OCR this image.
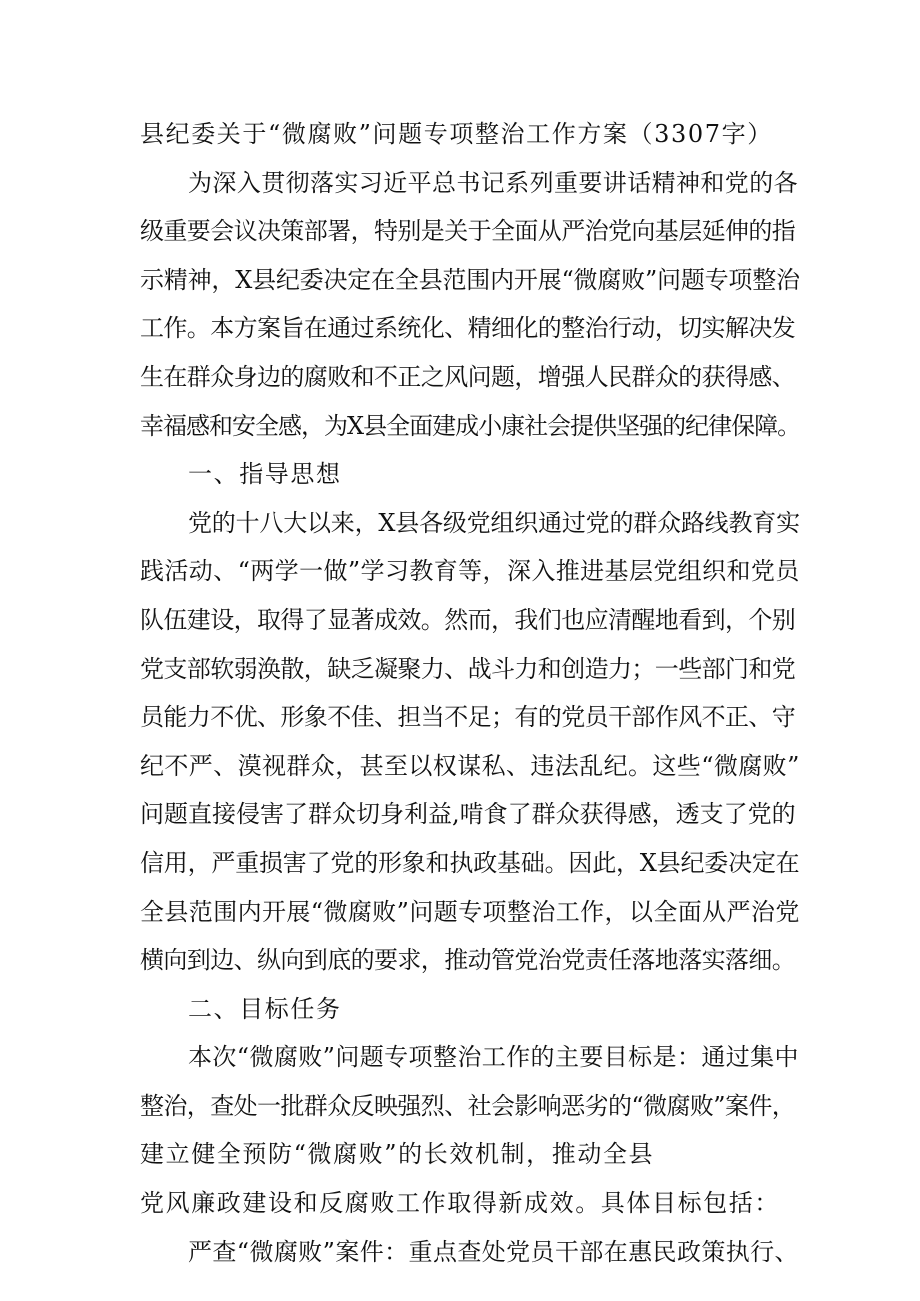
县纪委关于“微腐败”问题专项整治工作方案（3307字）
为深入贯彻落实习近平总书记系列重要讲话精神和党的各
级重要会议决策部署，特别是关于全面从严治党向基层延伸的指
示精神，X县纪委决定在全县范围内开展“微腐败”问题专项整治
工作。本方案旨在通过系统化、精细化的整治行动，切实解决发
生在群众身边的腐败和不正之风问题，增强人民群众的获得感、
幸福感和安全感，为X县全面建成小康社会提供坚强的纪律保障。
一、指导思想
党的十八大以来，X县各级党组织通过党的群众路线教育实
践活动、“两学一做”学习教育等，深入推进基层党组织和党员
队伍建设，取得了显著成效。然而，我们也应清醒地看到，个别
党支部软弱涣散，缺乏凝聚力、战斗力和创造力；一些部门和党
员能力不优、形象不佳、担当不足；有的党员干部作风不正、守
纪不严、漠视群众，甚至以权谋私、违法乱纪。这些“微腐败”
问题直接侵害了群众切身利益,啃食了群众获得感，透支了党的
信用，严重损害了党的形象和执政基础。因此，X县纪委决定在
全县范围内开展“微腐败”问题专项整治工作，以全面从严治党
横向到边、纵向到底的要求，推动管党治党责任落地落实落细。
二、目标任务
本次“微腐败”问题专项整治工作的主要目标是：通过集中
整治，查处一批群众反映强烈、社会影响恶劣的“微腐败”案件，
建立健全预防“微腐败”的长效机制，推动全县
党风廉政建设和反腐败工作取得新成效。具体目标包括：
严查“微腐败”案件：重点查处党员干部在惠民政策执行、
